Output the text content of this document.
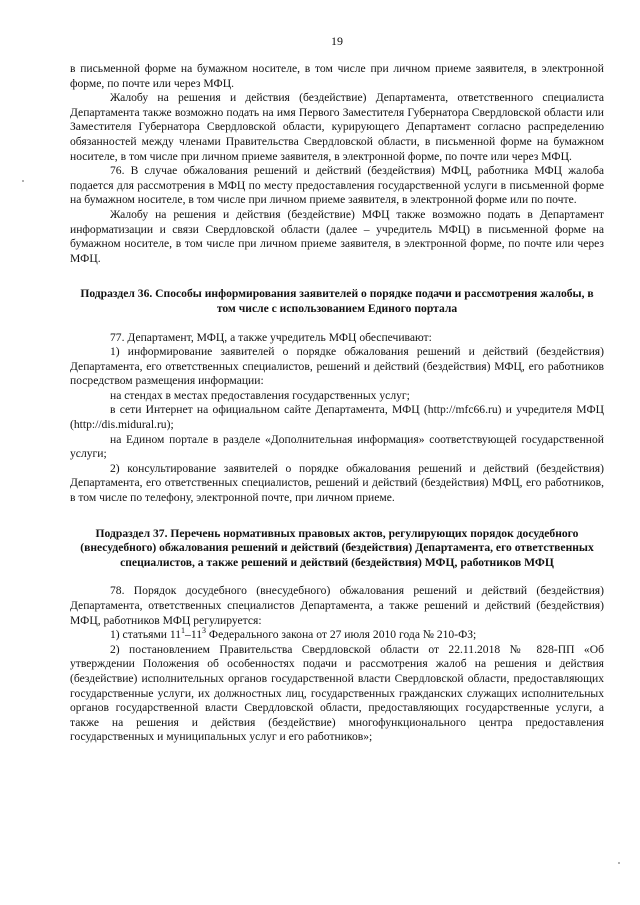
19

в письменной форме на бумажном носителе, в том числе при личном приеме заявителя, в электронной форме, по почте или через МФЦ.

Жалобу на решения и действия (бездействие) Департамента, ответственного специалиста Департамента также возможно подать на имя Первого Заместителя Губернатора Свердловской области или Заместителя Губернатора Свердловской области, курирующего Департамент согласно распределению обязанностей между членами Правительства Свердловской области, в письменной форме на бумажном носителе, в том числе при личном приеме заявителя, в электронной форме, по почте или через МФЦ.

76. В случае обжалования решений и действий (бездействия) МФЦ, работника МФЦ жалоба подается для рассмотрения в МФЦ по месту предоставления государственной услуги в письменной форме на бумажном носителе, в том числе при личном приеме заявителя, в электронной форме или по почте.

Жалобу на решения и действия (бездействие) МФЦ также возможно подать в Департамент информатизации и связи Свердловской области (далее – учредитель МФЦ) в письменной форме на бумажном носителе, в том числе при личном приеме заявителя, в электронной форме, по почте или через МФЦ.

Подраздел 36. Способы информирования заявителей о порядке подачи и рассмотрения жалобы, в том числе с использованием Единого портала

77. Департамент, МФЦ, а также учредитель МФЦ обеспечивают:

1) информирование заявителей о порядке обжалования решений и действий (бездействия) Департамента, его ответственных специалистов, решений и действий (бездействия) МФЦ, его работников посредством размещения информации:

на стендах в местах предоставления государственных услуг;

в сети Интернет на официальном сайте Департамента, МФЦ (http://mfc66.ru) и учредителя МФЦ (http://dis.midural.ru);

на Едином портале в разделе «Дополнительная информация» соответствующей государственной услуги;

2) консультирование заявителей о порядке обжалования решений и действий (бездействия) Департамента, его ответственных специалистов, решений и действий (бездействия) МФЦ, его работников, в том числе по телефону, электронной почте, при личном приеме.

Подраздел 37. Перечень нормативных правовых актов, регулирующих порядок досудебного (внесудебного) обжалования решений и действий (бездействия) Департамента, его ответственных специалистов, а также решений и действий (бездействия) МФЦ, работников МФЦ

78. Порядок досудебного (внесудебного) обжалования решений и действий (бездействия) Департамента, ответственных специалистов Департамента, а также решений и действий (бездействия) МФЦ, работников МФЦ регулируется:

1) статьями $11^1-11^3$ Федерального закона от 27 июля 2010 года № 210-ФЗ;

2) постановлением Правительства Свердловской области от 22.11.2018 № 828-ПП «Об утверждении Положения об особенностях подачи и рассмотрения жалоб на решения и действия (бездействие) исполнительных органов государственной власти Свердловской области, предоставляющих государственные услуги, их должностных лиц, государственных гражданских служащих исполнительных органов государственной власти Свердловской области, предоставляющих государственные услуги, а также на решения и действия (бездействие) многофункционального центра предоставления государственных и муниципальных услуг и его работников»;
